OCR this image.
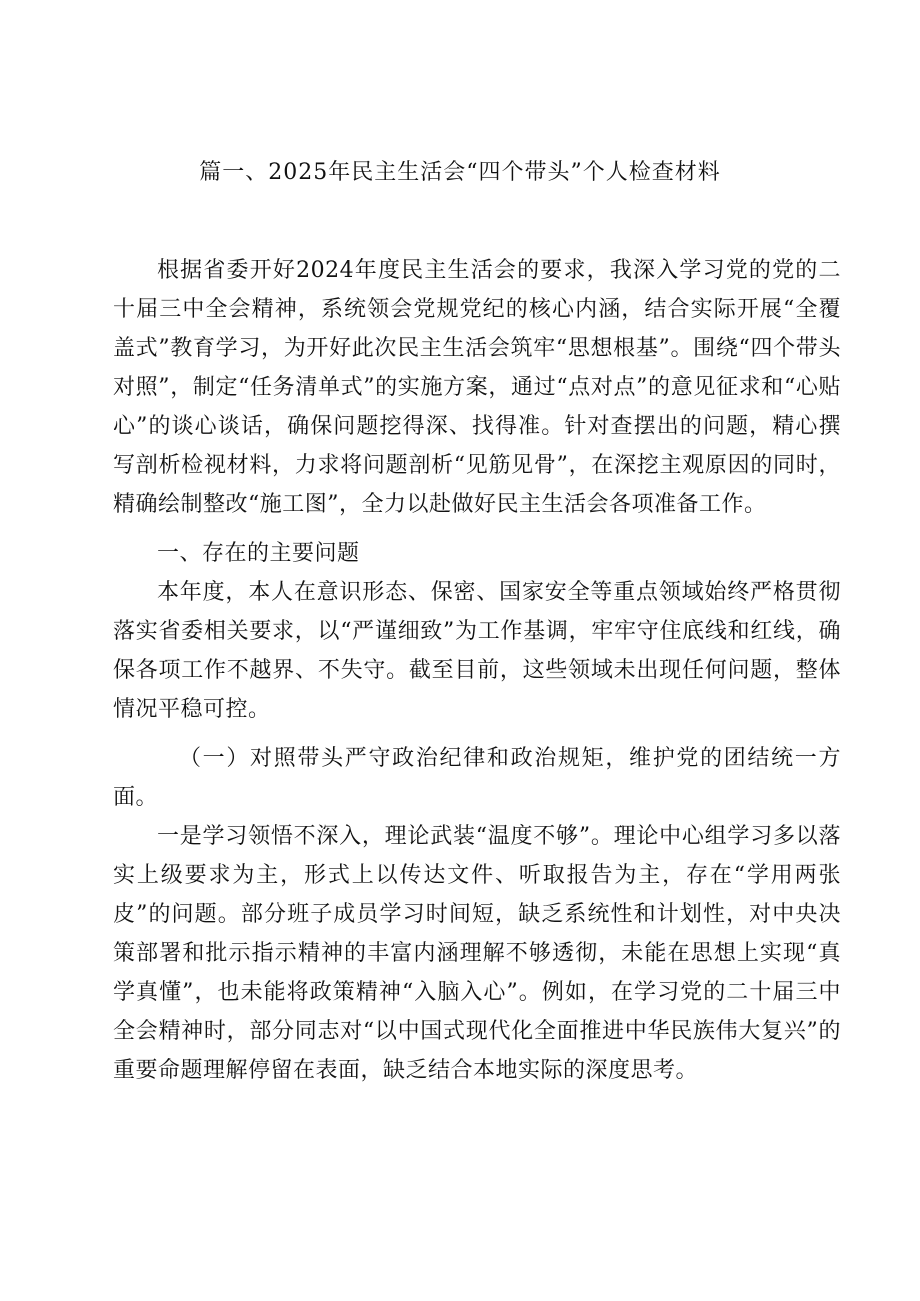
篇一、2025年民主生活会“四个带头”个人检查材料

根据省委开好2024年度民主生活会的要求，我深入学习党的党的二十届三中全会精神，系统领会党规党纪的核心内涵，结合实际开展“全覆盖式”教育学习，为开好此次民主生活会筑牢“思想根基”。围绕“四个带头对照”，制定“任务清单式”的实施方案，通过“点对点”的意见征求和“心贴心”的谈心谈话，确保问题挖得深、找得准。针对查摆出的问题，精心撰写剖析检视材料，力求将问题剖析“见筋见骨”，在深挖主观原因的同时，精确绘制整改“施工图”，全力以赴做好民主生活会各项准备工作。

一、存在的主要问题

本年度，本人在意识形态、保密、国家安全等重点领域始终严格贯彻落实省委相关要求，以“严谨细致”为工作基调，牢牢守住底线和红线，确保各项工作不越界、不失守。截至目前，这些领域未出现任何问题，整体情况平稳可控。

（一）对照带头严守政治纪律和政治规矩，维护党的团结统一方面。

一是学习领悟不深入，理论武装“温度不够”。理论中心组学习多以落实上级要求为主，形式上以传达文件、听取报告为主，存在“学用两张皮”的问题。部分班子成员学习时间短，缺乏系统性和计划性，对中央决策部署和批示指示精神的丰富内涵理解不够透彻，未能在思想上实现“真学真懂”，也未能将政策精神“入脑入心”。例如，在学习党的二十届三中全会精神时，部分同志对“以中国式现代化全面推进中华民族伟大复兴”的重要命题理解停留在表面，缺乏结合本地实际的深度思考。
